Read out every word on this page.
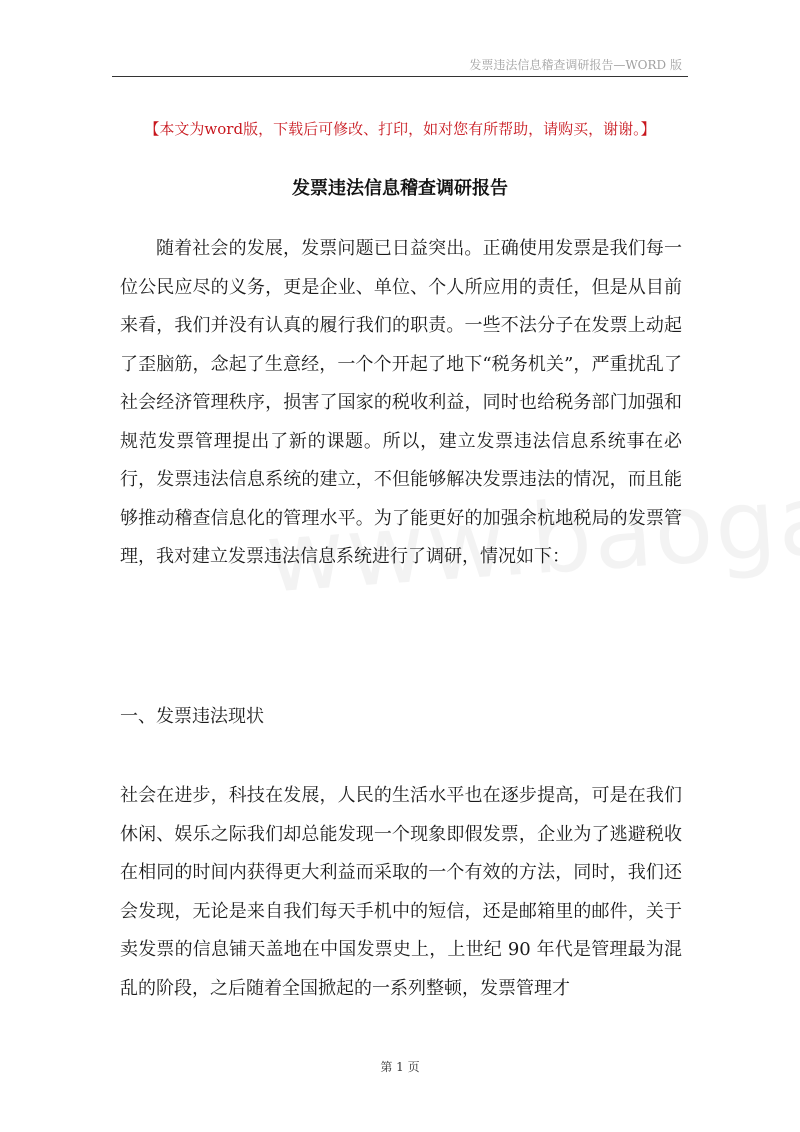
发票违法信息稽查调研报告—WORD 版
【本文为word版，下载后可修改、打印，如对您有所帮助，请购买，谢谢。】
发票违法信息稽查调研报告

随着社会的发展，发票问题已日益突出。正确使用发票是我们每一位公民应尽的义务，更是企业、单位、个人所应用的责任，但是从目前来看，我们并没有认真的履行我们的职责。一些不法分子在发票上动起了歪脑筋，念起了生意经，一个个开起了地下“税务机关”，严重扰乱了社会经济管理秩序，损害了国家的税收利益，同时也给税务部门加强和规范发票管理提出了新的课题。所以，建立发票违法信息系统事在必行，发票违法信息系统的建立，不但能够解决发票违法的情况，而且能够推动稽查信息化的管理水平。为了能更好的加强余杭地税局的发票管理，我对建立发票违法信息系统进行了调研，情况如下：

一、发票违法现状

社会在进步，科技在发展，人民的生活水平也在逐步提高，可是在我们休闲、娱乐之际我们却总能发现一个现象即假发票，企业为了逃避税收在相同的时间内获得更大利益而采取的一个有效的方法，同时，我们还会发现，无论是来自我们每天手机中的短信，还是邮箱里的邮件，关于卖发票的信息铺天盖地在中国发票史上，上世纪 90 年代是管理最为混乱的阶段，之后随着全国掀起的一系列整顿，发票管理才

第 1 页
